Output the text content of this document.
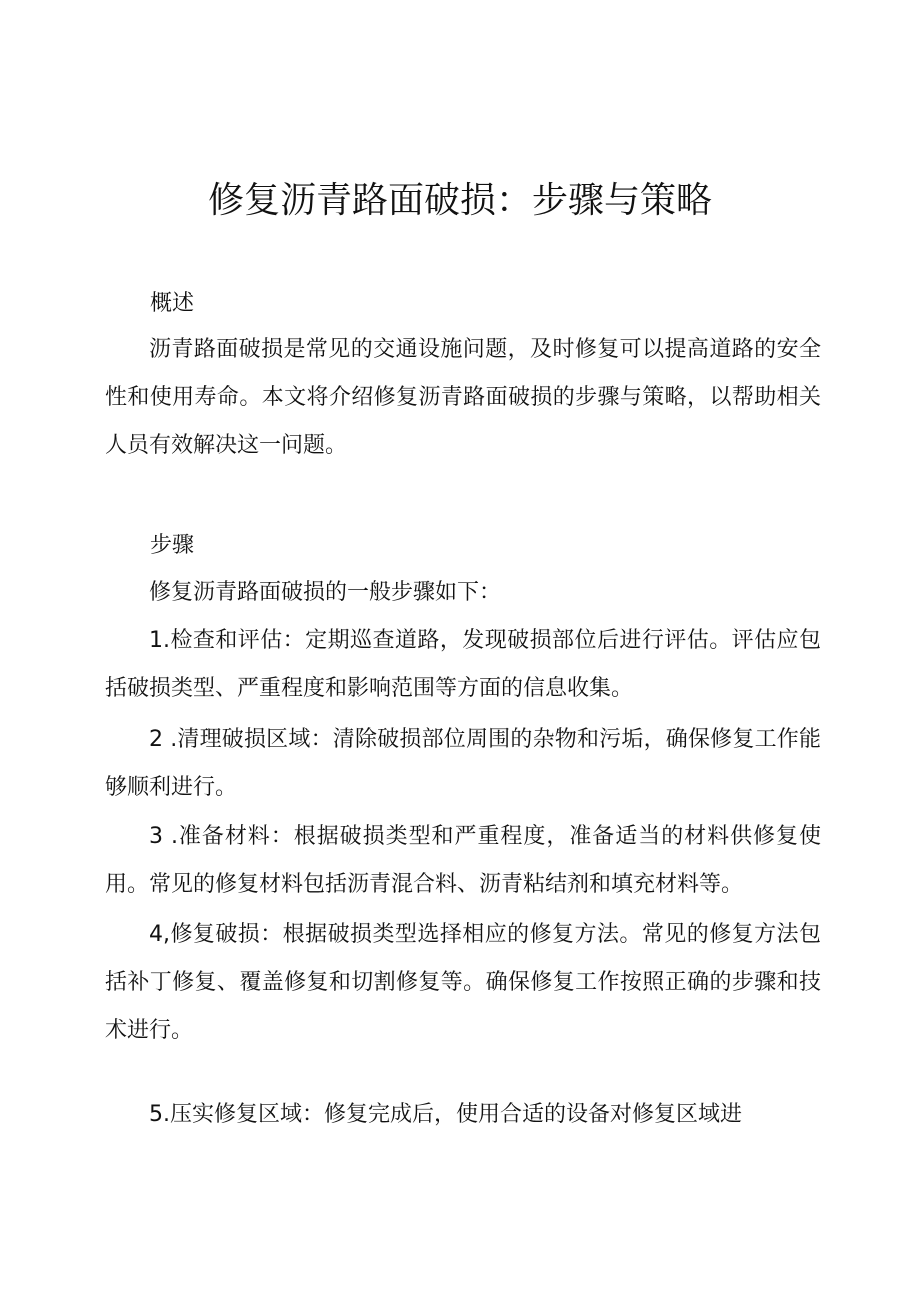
修复沥青路面破损：步骤与策略
概述

沥青路面破损是常见的交通设施问题，及时修复可以提高道路的安全性和使用寿命。本文将介绍修复沥青路面破损的步骤与策略，以帮助相关人员有效解决这一问题。

步骤

修复沥青路面破损的一般步骤如下：

1.检查和评估：定期巡查道路，发现破损部位后进行评估。评估应包括破损类型、严重程度和影响范围等方面的信息收集。

2 .清理破损区域：清除破损部位周围的杂物和污垢，确保修复工作能够顺利进行。

3 .准备材料：根据破损类型和严重程度，准备适当的材料供修复使用。常见的修复材料包括沥青混合料、沥青粘结剂和填充材料等。

4,修复破损：根据破损类型选择相应的修复方法。常见的修复方法包括补丁修复、覆盖修复和切割修复等。确保修复工作按照正确的步骤和技术进行。

5.压实修复区域：修复完成后，使用合适的设备对修复区域进
